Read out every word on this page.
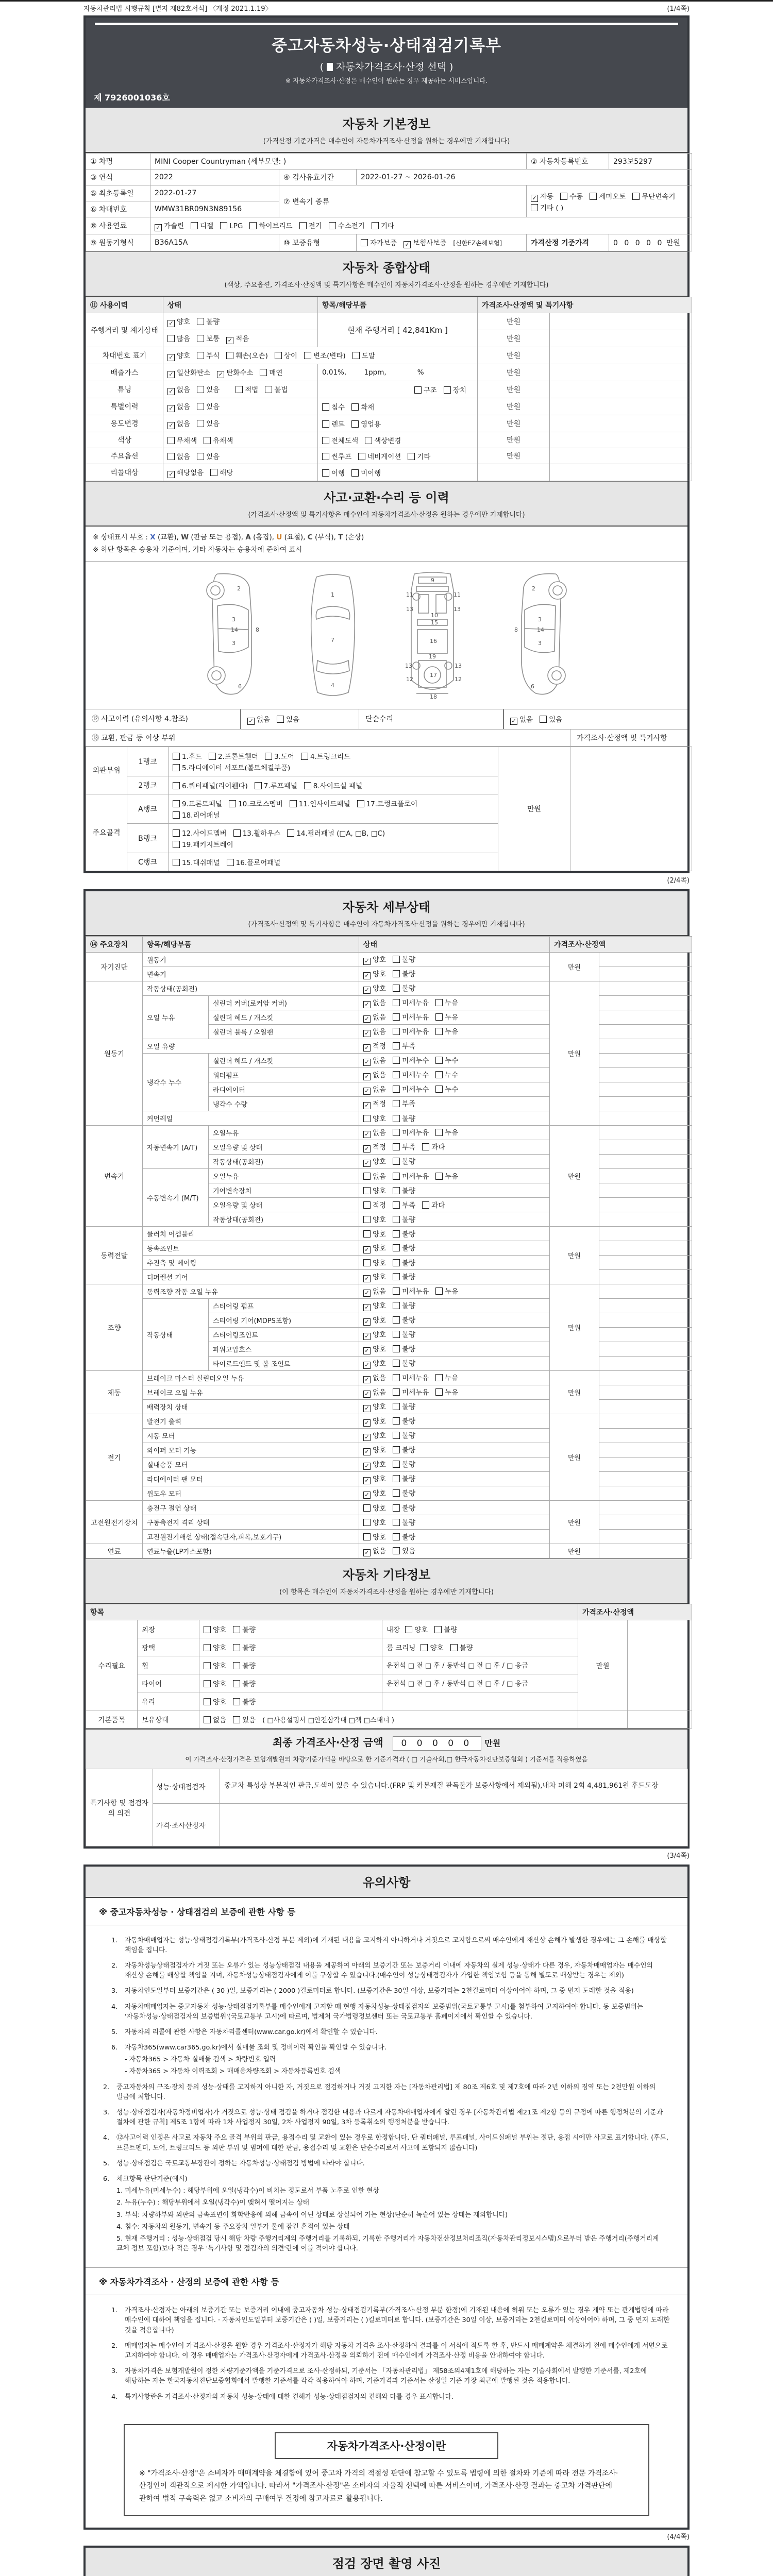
자동차관리법 시행규칙 [별지 제82호서식] 〈개정 2021.1.19〉	(1/4쪽)
중고자동차성능·상태점검기록부
( 자동차가격조사·산정 선택 )
※ 자동차가격조사·산정은 매수인이 원하는 경우 제공하는 서비스입니다.
제 7926001036호
자동차 기본정보
(가격산정 기준가격은 매수인이 자동차가격조사·산정을 원하는 경우에만 기재합니다)
① 차명	MINI Cooper Countryman (세부모델: )			② 자동차등록번호	293보5297
③ 연식	2022	④ 검사유효기간	2022-01-27 ~ 2026-01-26		
⑤ 최초등록일	2022-01-27	⑦ 변속기 종류	✓자동 수동 세미오토 무단변속기기타 ( )
⑥ 차대번호	WMW31BR09N3N89156				
⑧ 사용연료	✓가솔린 디젤 LPG 하이브리드 전기 수소전기 기타
⑨ 원동기형식	B36A15A	⑩ 보증유형	자가보증 ✓ 보험사보증 [신한EZ손해보험]	가격산정 기준가격	0 0 0 0 0 만원
자동차 종합상태
(색상, 주요옵션, 가격조사·산정액 및 특기사항은 매수인이 자동차가격조사·산정을 원하는 경우에만 기재합니다)
⑪ 사용이력	상태	항목/해당부품	가격조사·산정액 및 특기사항	
주행거리 및 계기상태	✓양호 불량	현재 주행거리 [ 42,841Km ]	만원	
	많음 보통 ✓ 적음		만원	
차대번호 표기	✓양호 부식 훼손(오손) 상이 변조(변타) 도말		만원	
배출가스	✓일산화탄소 ✓ 탄화수소 매연	0.01%,        1ppm,              %	만원	
튜닝	✓없음 있음 적법 불법	구조 장치	만원	
특별이력	✓없음 있음	침수 화재	만원	
용도변경	✓없음 있음	렌트 영업용	만원	
색상	무채색 유채색	전체도색 색상변경	만원	
주요옵션	없음 있음	썬루프 네비게이션 기타	만원	
리콜대상	✓해당없음 해당	이행 미이행		
사고·교환·수리 등 이력
(가격조사·산정액 및 특기사항은 매수인이 자동차가격조사·산정을 원하는 경우에만 기재합니다)
※ 상태표시 부호 : X (교환), W (판금 또는 용접), A (흠집), U (요철), C (부식), T (손상)
※ 하단 항목은 승용차 기준이며, 기타 자동차는 승용차에 준하여 표시
2
3
14
3
8
6
1
7
4
11
9
11
13
10
13
15
16
13
19
13
12
17
12
18
2
3
14
3
8
6
⑫ 사고이력 (유의사항 4.참조) ✓	없음 있음	단순수리 ✓	없음 있음
⑬ 교환, 판금 등 이상 부위	가격조사·산정액 및 특기사항
외판부위	1랭크	1.후드 2.프론트휀더 3.도어 4.트렁크리드
5.라디에이터 서포트(볼트체결부품)	만원	
	2랭크	6.쿼터패널(리어휀다) 7.루프패널 8.사이드실 패널		

주요골격	A랭크	9.프론트패널 10.크로스멤버 11.인사이드패널 17.트렁크플로어
18.리어패널		

	B랭크	12.사이드멤버 13.휠하우스 14.필러패널 (□A, □B, □C)
19.패키지트레이		

	C랭크	15.대쉬패널 16.플로어패널		
(2/4쪽)
자동차 세부상태
(가격조사·산정액 및 특기사항은 매수인이 자동차가격조사·산정을 원하는 경우에만 기재합니다)
⑭ 주요장치	항목/해당부품		상태	가격조사·산정액	
자기진단	원동기	✓양호 불량	만원	
	변속기	✓양호 불량	
원동기	작동상태(공회전)	✓양호 불량	만원	
	오일 누유	실린더 커버(로커암 커버)	✓없음 미세누유 누유	
		실린더 헤드 / 개스킷	✓없음 미세누유 누유	
		실린더 블록 / 오일팬	✓없음 미세누유 누유	
	오일 유량	✓적정 부족	
	냉각수 누수	실린더 헤드 / 개스킷	✓없음 미세누수 누수	
		워터펌프	✓없음 미세누수 누수	
		라디에이터	✓없음 미세누수 누수	
		냉각수 수량	✓적정 부족	
	커먼레일		양호 불량		
변속기	자동변속기 (A/T)	오일누유	✓없음 미세누유 누유	만원	
		오일유량 및 상태	✓적정 부족 과다	
		작동상태(공회전)	✓양호 불량	
	수동변속기 (M/T)	오일누유	없음 미세누유 누유		
		기어변속장치	양호 불량		
		오일유량 및 상태	적정 부족 과다		
		작동상태(공회전)	양호 불량		
동력전달	클러치 어셈블리		양호 불량	만원	
	등속죠인트	✓양호 불량	
	추진축 및 베어링		양호 불량		
	디퍼렌셜 기어	✓양호 불량	
조향	동력조향 작동 오일 누유	✓없음 미세누유 누유	만원	
	작동상태	스티어링 펌프	✓양호 불량	
		스티어링 기어(MDPS포함)	✓양호 불량	
		스티어링조인트	✓양호 불량	
		파워고압호스	✓양호 불량	
		타이로드엔드 및 볼 조인트	✓양호 불량	
제동	브레이크 마스터 실린더오일 누유	✓없음 미세누유 누유	만원	
	브레이크 오일 누유	✓없음 미세누유 누유	
	배력장치 상태	✓양호 불량	
전기	발전기 출력	✓양호 불량	만원	
	시동 모터	✓양호 불량	
	와이퍼 모터 기능	✓양호 불량	
	실내송풍 모터	✓양호 불량	
	라디에이터 팬 모터	✓양호 불량	
	윈도우 모터	✓양호 불량	
고전원전기장치	충전구 절연 상태		양호 불량	만원	
	구동축전지 격리 상태		양호 불량		
	고전원전기배선 상태(접속단자,피복,보호기구)		양호 불량		
연료	연료누출(LP가스포함)	✓없음 있음	만원	
자동차 기타정보
(이 항목은 매수인이 자동차가격조사·산정을 원하는 경우에만 기재합니다)
항목				가격조사·산정액	
수리필요	외장	양호 불량	내장 양호 불량	만원	
	광택	양호 불량	룸 크리닝 양호 불량		
	휠	양호 불량	운전석 □ 전 □ 후 / 동반석 □ 전 □ 후 / □ 응급		
	타이어	양호 불량	운전석 □ 전 □ 후 / 동반석 □ 전 □ 후 / □ 응급		
	유리	양호 불량			
기본품목	보유상태	없음 있음 ( □사용설명서 □안전삼각대 □잭 □스패너 )			
최종 가격조사·산정 금액 0 0 0 0 0 만원
이 가격조사·산정가격은 보험개발원의 차량기준가액을 바탕으로 한 기준가격과 ( □ 기술사회,□ 한국자동차진단보증협회 ) 기준서를 적용하였음
특기사항 및 점검자의 의견	성능·상태점검자	중고차 특성상 부분적인 판금,도색이 있을 수 있습니다.(FRP 및 카본재질 판독불가 보증사항에서 제외됨),내차 피해 2회 4,481,961원 후드도장
	가격·조사산정자	
(3/4쪽)
유의사항
※ 중고자동차성능 · 상태점검의 보증에 관한 사항 등
1.	자동차매매업자는 성능·상태점검기록부(가격조사·산정 부분 제외)에 기재된 내용을 고지하지 아니하거나 거짓으로 고지함으로써 매수인에게 재산상 손해가 발생한 경우에는 그 손해를 배상할 책임을 집니다.
2.	자동차성능상태점검자가 거짓 또는 오류가 있는 성능상태점검 내용을 제공하여 아래의 보증기간 또는 보증거리 이내에 자동차의 실제 성능·상태가 다른 경우, 자동차매매업자는 매수인의 재산상 손해를 배상할 책임을 지며, 자동차성능상태점검자에게 이를 구상할 수 있습니다.(매수인이 성능상태점검자가 가입한 책임보험 등을 통해 별도로 배상받는 경우는 제외)
3.	자동차인도일부터 보증기간은 ( 30 )일, 보증거리는 ( 2000 )킬로미터로 합니다. (보증기간은 30일 이상, 보증거리는 2천킬로미터 이상이어야 하며, 그 중 먼저 도래한 것을 적용)
4.	자동차매매업자는 중고자동차 성능·상태점검기록부를 매수인에게 고지할 때 현행 자동차성능·상태점검자의 보증범위(국토교통부 고시)를 첨부하여 고지하여야 합니다. 동 보증범위는 '자동차성능·상태점검자의 보증범위'(국토교통부 고시)에 따르며, 법제처 국가법령정보센터 또는 국토교통부 홈페이지에서 확인할 수 있습니다.
5.	자동차의 리콜에 관한 사항은 자동차리콜센터(www.car.go.kr)에서 확인할 수 있습니다.
6.	자동차365(www.car365.go.kr)에서 실매물 조회 및 정비이력 확인을 확인할 수 있습니다.
- 자동차365 > 자동차 실매물 검색 > 차량번호 입력
- 자동차365 > 자동차 이력조회 > 매매용차량조회 > 자동차등록번호 검색
2.	중고자동차의 구조·장치 등의 성능·상태를 고지하지 아니한 자, 거짓으로 점검하거나 거짓 고지한 자는 [자동차관리법] 제 80조 제6호 및 제7호에 따라 2년 이하의 징역 또는 2천만원 이하의 벌금에 처합니다.
3.	성능·상태점검자(자동차정비업자)가 거짓으로 성능·상태 점검을 하거나 점검한 내용과 다르게 자동차매매업자에게 알린 경우 [자동차관리법 제21조 제2항 등의 규정에 따른 행정처분의 기준과 절차에 관한 규칙] 제5조 1항에 따라 1차 사업정지 30일, 2차 사업정지 90일, 3차 등록취소의 행정처분을 받습니다.
4.	⑫사고이력 인정은 사고로 자동차 주요 골격 부위의 판금, 용접수리 및 교환이 있는 경우로 한정합니다. 단 쿼터패널, 루프패널, 사이드실패널 부위는 절단, 용접 시에만 사고로 표기합니다. (후드, 프론트펜더, 도어, 트렁크리드 등 외판 부위 및 범퍼에 대한 판금, 용접수리 및 교환은 단순수리로서 사고에 포함되지 않습니다)
5.	성능·상태점검은 국토교통부장관이 정하는 자동차성능·상태점검 방법에 따라야 합니다.
6.	체크항목 판단기준(예시)
1. 미세누유(미세누수) : 해당부위에 오일(냉각수)이 비치는 정도로서 부품 노후로 인한 현상
2. 누유(누수) : 해당부위에서 오일(냉각수)이 맺혀서 떨어지는 상태
3. 부식: 차량하부와 외판의 금속표면이 화학반응에 의해 금속이 아닌 상태로 상실되어 가는 현상(단순히 녹슬어 있는 상태는 제외합니다)
4. 침수: 자동차의 원동기, 변속기 등 주요장치 일부가 물에 잠긴 흔적이 있는 상태
5. 현재 주행거리 : 성능·상태점검 당시 해당 차량 주행거리계의 주행거리를 기록하되, 기록한 주행거리가 자동차전산정보처리조직(자동차관리정보시스템)으로부터 받은 주행거리(주행거리계 교체 정보 포함)보다 적은 경우 '특기사항 및 점검자의 의견'란에 이를 적어야 합니다.
※ 자동차가격조사 · 산정의 보증에 관한 사항 등
1.	가격조사·산정자는 아래의 보증기간 또는 보증거리 이내에 중고자동차 성능·상태점검기록부(가격조사·산정 부분 한정)에 기재된 내용에 허위 또는 오류가 있는 경우 계약 또는 관계법령에 따라 매수인에 대하여 책임을 집니다. · 자동차인도일부터 보증기간은 ( )일, 보증거리는 ( )킬로미터로 합니다. (보증기간은 30일 이상, 보증거리는 2천킬로미터 이상이어야 하며, 그 중 먼저 도래한 것을 적용합니다)
2.	매매업자는 매수인이 가격조사·산정을 원할 경우 가격조사·산정자가 해당 자동차 가격을 조사·산정하여 결과를 이 서식에 적도록 한 후, 반드시 매매계약을 체결하기 전에 매수인에게 서면으로 고지하여야 합니다. 이 경우 매매업자는 가격조사·산정자에게 가격조사·산정을 의뢰하기 전에 매수인에게 가격조사·산정 비용을 안내하여야 합니다.
3.	자동차가격은 보험개발원이 정한 차량기준가액을 기준가격으로 조사·산정하되, 기준서는 「자동차관리법」 제58조의4제1호에 해당하는 자는 기술사회에서 발행한 기준서를, 제2호에 해당하는 자는 한국자동차진단보증협회에서 발행한 기준서를 각각 적용하여야 하며, 기준가격과 기준서는 산정일 기준 가장 최근에 발행된 것을 적용합니다.
4.	특기사항란은 가격조사·산정자의 자동차 성능·상태에 대한 견해가 성능·상태점검자의 견해와 다를 경우 표시합니다.
자동차가격조사·산정이란
※ "가격조사·산정"은 소비자가 매매계약을 체결함에 있어 중고차 가격의 적절성 판단에 참고할 수 있도록 법령에 의한 절차와 기준에 따라 전문 가격조사·산정인이 객관적으로 제시한 가액입니다. 따라서 "가격조사·산정"은 소비자의 자율적 선택에 따른 서비스이며, 가격조사·산정 결과는 중고차 가격판단에 관하여 법적 구속력은 없고 소비자의 구매여부 결정에 참고자료로 활용됩니다.
(4/4쪽)
점검 장면 촬영 사진
